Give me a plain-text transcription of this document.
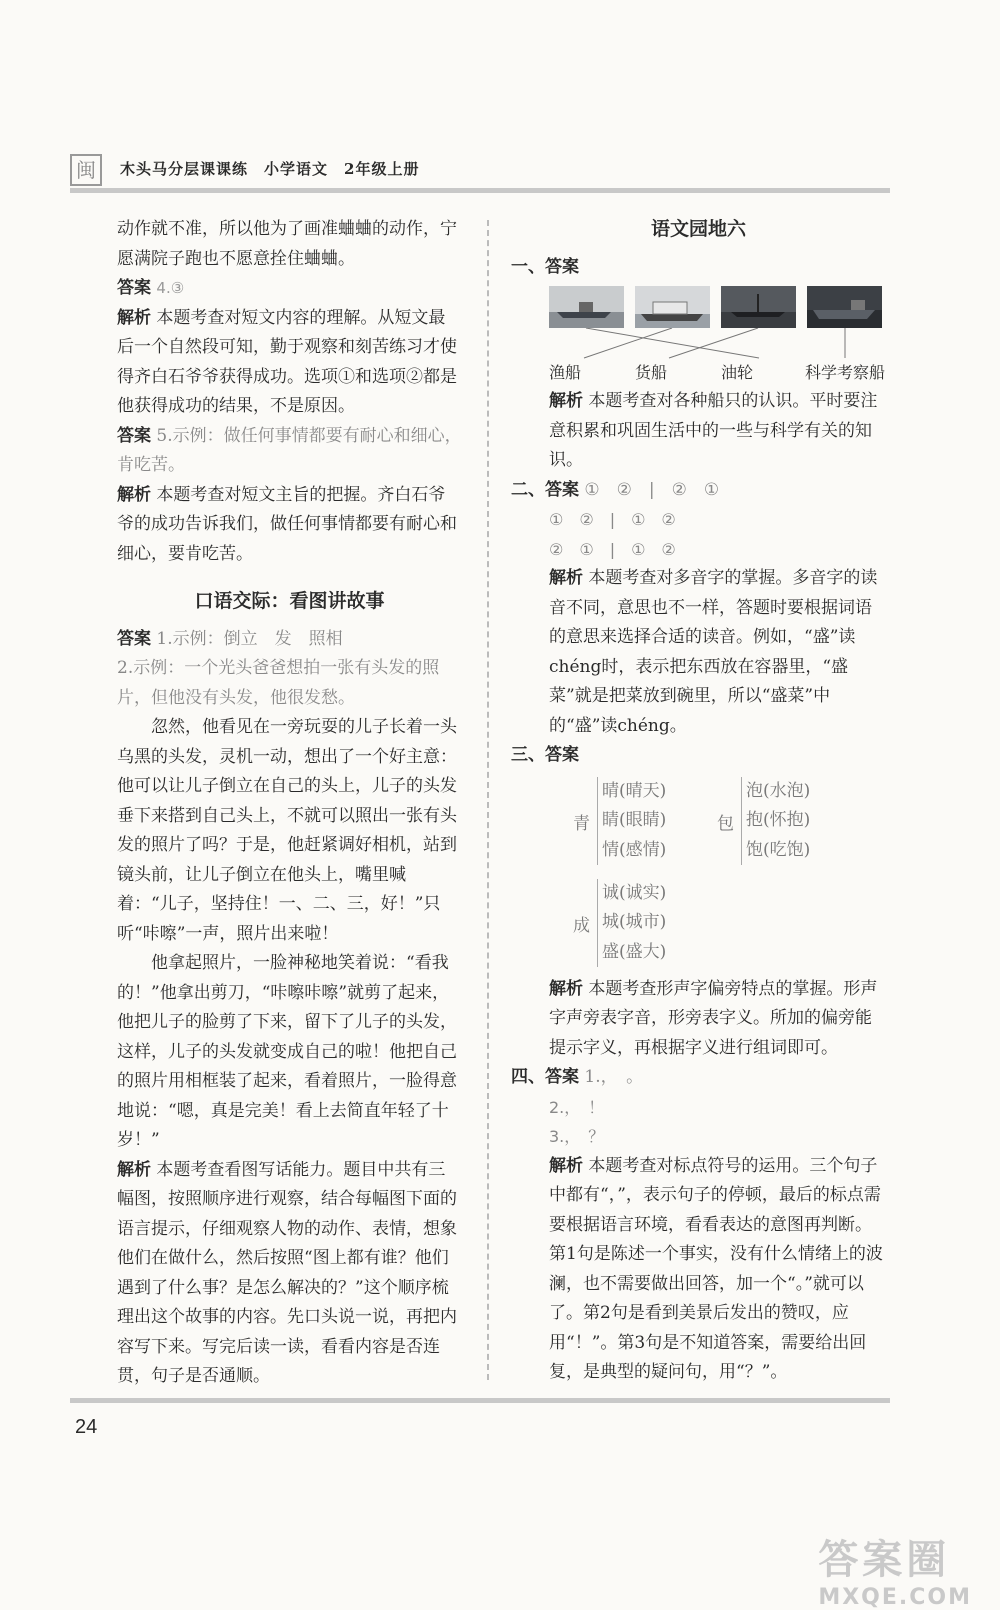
闽	木头马分层课课练　小学语文　2年级上册

动作就不准，所以他为了画准蛐蛐的动作，宁愿满院子跑也不愿意拴住蛐蛐。

答案 4.③

解析 本题考查对短文内容的理解。从短文最后一个自然段可知，勤于观察和刻苦练习才使得齐白石爷爷获得成功。选项①和选项②都是他获得成功的结果，不是原因。

答案 5.示例：做任何事情都要有耐心和细心，肯吃苦。

解析 本题考查对短文主旨的把握。齐白石爷爷的成功告诉我们，做任何事情都要有耐心和细心，要肯吃苦。

口语交际：看图讲故事

答案 1.示例：倒立　发　照相

2.示例：一个光头爸爸想拍一张有头发的照片，但他没有头发，他很发愁。

忽然，他看见在一旁玩耍的儿子长着一头乌黑的头发，灵机一动，想出了一个好主意：他可以让儿子倒立在自己的头上，儿子的头发垂下来搭到自己头上，不就可以照出一张有头发的照片了吗？于是，他赶紧调好相机，站到镜头前，让儿子倒立在他头上，嘴里喊着：“儿子，坚持住！一、二、三，好！”只听“咔嚓”一声，照片出来啦！

他拿起照片，一脸神秘地笑着说：“看我的！”他拿出剪刀，“咔嚓咔嚓”就剪了起来，他把儿子的脸剪了下来，留下了儿子的头发，这样，儿子的头发就变成自己的啦！他把自己的照片用相框装了起来，看着照片，一脸得意地说：“嗯，真是完美！看上去简直年轻了十岁！”

解析 本题考查看图写话能力。题目中共有三幅图，按照顺序进行观察，结合每幅图下面的语言提示，仔细观察人物的动作、表情，想象他们在做什么，然后按照“图上都有谁？他们遇到了什么事？是怎么解决的？”这个顺序梳理出这个故事的内容。先口头说一说，再把内容写下来。写完后读一读，看看内容是否连贯，句子是否通顺。

语文园地六

一、答案

渔船	货船	油轮	科学考察船

解析 本题考查对各种船只的认识。平时要注意积累和巩固生活中的一些与科学有关的知识。

二、答案 ①　②　|　②　①

①　②　|　①　②

②　①　|　①　②

解析 本题考查对多音字的掌握。多音字的读音不同，意思也不一样，答题时要根据词语的意思来选择合适的读音。例如，“盛”读chéng时，表示把东西放在容器里，“盛菜”就是把菜放到碗里，所以“盛菜”中的“盛”读chéng。

三、答案

青
晴(晴天)
睛(眼睛)
情(感情)
包
泡(水泡)
抱(怀抱)
饱(吃饱)
成
诚(诚实)
城(城市)
盛(盛大)

解析 本题考查形声字偏旁特点的掌握。形声字声旁表字音，形旁表字义。所加的偏旁能提示字义，再根据字义进行组词即可。

四、答案 1.，　。

2.，　！

3.，　？

解析 本题考查对标点符号的运用。三个句子中都有“，”，表示句子的停顿，最后的标点需要根据语言环境，看看表达的意图再判断。第1句是陈述一个事实，没有什么情绪上的波澜，也不需要做出回答，加一个“。”就可以了。第2句是看到美景后发出的赞叹，应用“！”。第3句是不知道答案，需要给出回复，是典型的疑问句，用“？”。

24
答案圈
MXQE.COM
